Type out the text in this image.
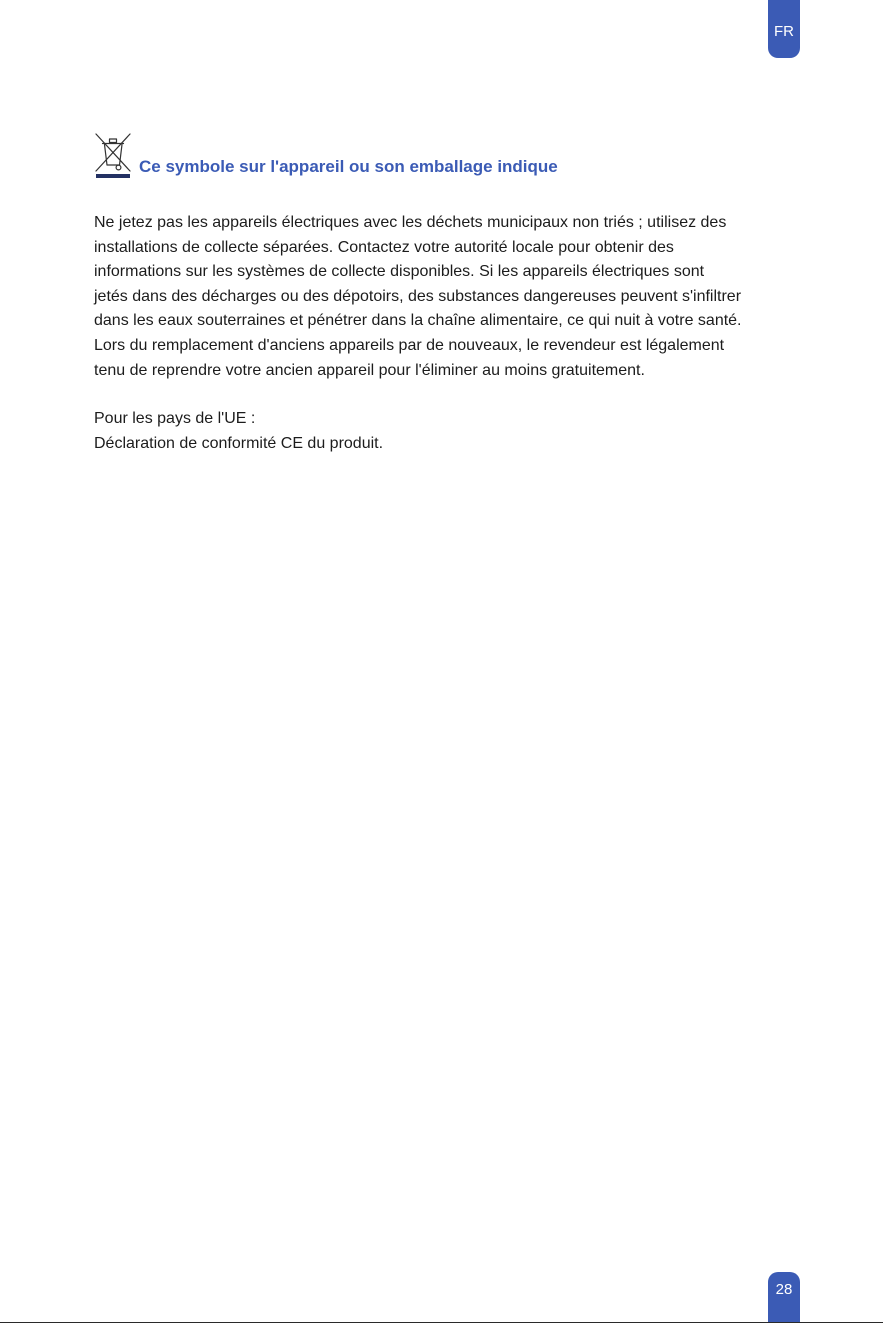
FR
Ce symbole sur l'appareil ou son emballage indique
Ne jetez pas les appareils électriques avec les déchets municipaux non triés ; utilisez des
installations de collecte séparées. Contactez votre autorité locale pour obtenir des
informations sur les systèmes de collecte disponibles. Si les appareils électriques sont
jetés dans des décharges ou des dépotoirs, des substances dangereuses peuvent s'infiltrer
dans les eaux souterraines et pénétrer dans la chaîne alimentaire, ce qui nuit à votre santé.
Lors du remplacement d'anciens appareils par de nouveaux, le revendeur est légalement
tenu de reprendre votre ancien appareil pour l'éliminer au moins gratuitement.
Pour les pays de l'UE :
Déclaration de conformité CE du produit.
28
